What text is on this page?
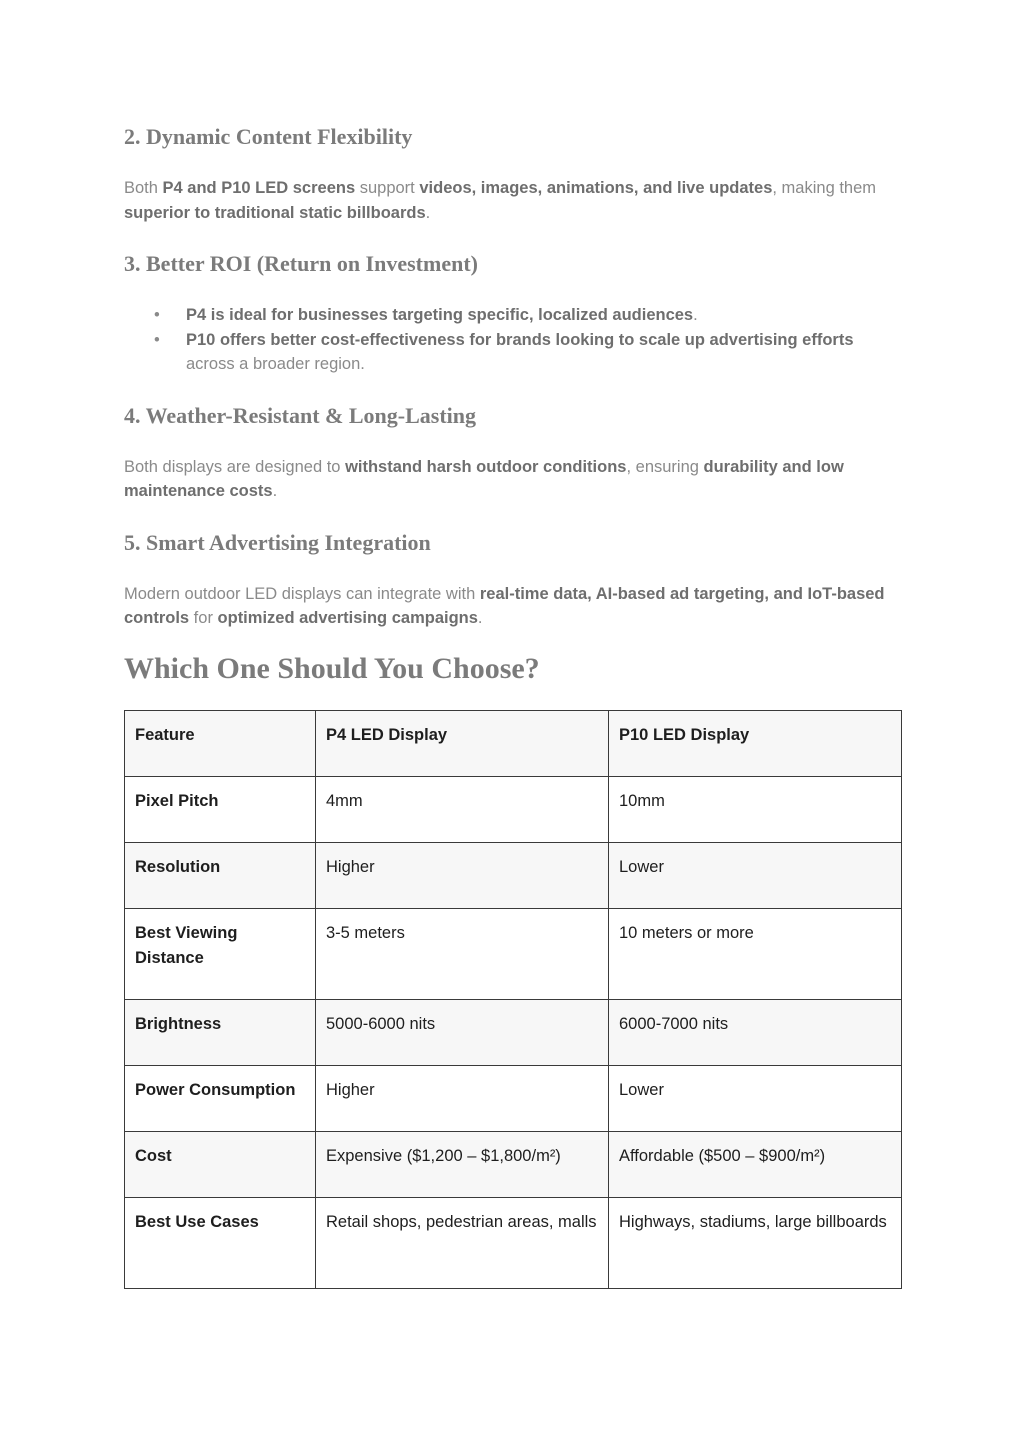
2. Dynamic Content Flexibility

Both P4 and P10 LED screens support videos, images, animations, and live updates, making them superior to traditional static billboards.

3. Better ROI (Return on Investment)
• P4 is ideal for businesses targeting specific, localized audiences.
• P10 offers better cost-effectiveness for brands looking to scale up advertising efforts across a broader region.
4. Weather-Resistant & Long-Lasting

Both displays are designed to withstand harsh outdoor conditions, ensuring durability and low maintenance costs.

5. Smart Advertising Integration

Modern outdoor LED displays can integrate with real-time data, AI-based ad targeting, and IoT-based controls for optimized advertising campaigns.

Which One Should You Choose?
Feature	P4 LED Display	P10 LED Display
Pixel Pitch	4mm	10mm
Resolution	Higher	Lower
Best Viewing Distance	3-5 meters	10 meters or more
Brightness	5000-6000 nits	6000-7000 nits
Power Consumption	Higher	Lower
Cost	Expensive ($1,200 – $1,800/m²)	Affordable ($500 – $900/m²)
Best Use Cases	Retail shops, pedestrian areas, malls	Highways, stadiums, large billboards
